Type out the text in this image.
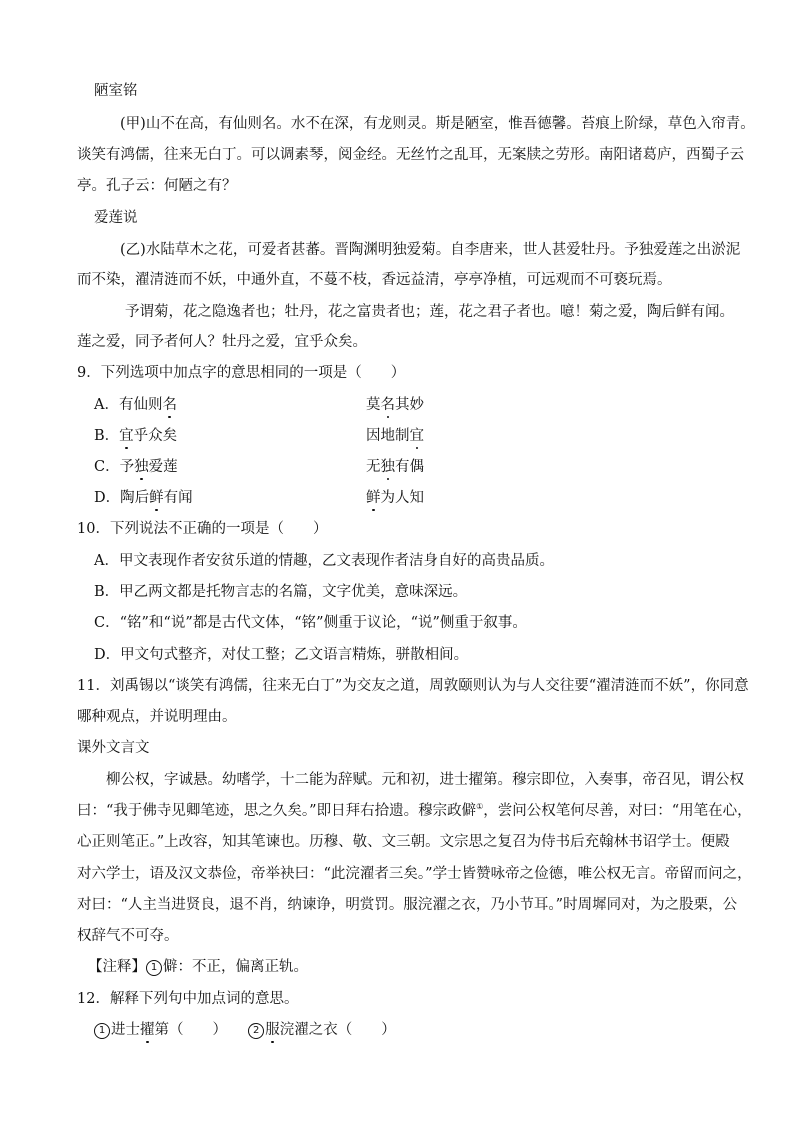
陋室铭
(甲)山不在高，有仙则名。水不在深，有龙则灵。斯是陋室，惟吾德馨。苔痕上阶绿，草色入帘青。
谈笑有鸿儒，往来无白丁。可以调素琴，阅金经。无丝竹之乱耳，无案牍之劳形。南阳诸葛庐，西蜀子云
亭。孔子云：何陋之有？
爱莲说
(乙)水陆草木之花，可爱者甚蕃。晋陶渊明独爱菊。自李唐来，世人甚爱牡丹。予独爱莲之出淤泥
而不染，濯清涟而不妖，中通外直，不蔓不枝，香远益清，亭亭净植，可远观而不可亵玩焉。
予谓菊，花之隐逸者也；牡丹，花之富贵者也；莲，花之君子者也。噫！菊之爱，陶后鲜有闻。
莲之爱，同予者何人？牡丹之爱，宜乎众矣。
9．下列选项中加点字的意思相同的一项是（　　）
A．有仙则名	莫名其妙
B．宜乎众矣	因地制宜
C．予独爱莲	无独有偶
D．陶后鲜有闻	鲜为人知
10．下列说法不正确的一项是（　　）
A．甲文表现作者安贫乐道的情趣，乙文表现作者洁身自好的高贵品质。
B．甲乙两文都是托物言志的名篇，文字优美，意味深远。
C．“铭”和“说”都是古代文体，“铭”侧重于议论，“说”侧重于叙事。
D．甲文句式整齐，对仗工整；乙文语言精炼，骈散相间。
11．刘禹锡以“谈笑有鸿儒，往来无白丁”为交友之道，周敦颐则认为与人交往要“濯清涟而不妖”，你同意
哪种观点，并说明理由。
课外文言文
柳公权，字诚悬。幼嗜学，十二能为辞赋。元和初，进士擢第。穆宗即位，入奏事，帝召见，谓公权
曰：“我于佛寺见卿笔迹，思之久矣。”即日拜右拾遗。穆宗政僻①，尝问公权笔何尽善，对曰：“用笔在心，
心正则笔正。”上改容，知其笔谏也。历穆、敬、文三朝。文宗思之复召为侍书后充翰林书诏学士。便殿
对六学士，语及汉文恭俭，帝举袂曰：“此浣濯者三矣。”学士皆赞咏帝之俭德，唯公权无言。帝留而问之，
对曰：“人主当进贤良，退不肖，纳谏诤，明赏罚。服浣濯之衣，乃小节耳。”时周墀同对，为之股栗，公
权辞气不可夺。
【注释】 1 僻：不正，偏离正轨。
12．解释下列句中加点词的意思。
1 进士擢第（　　）	2 服浣濯之衣（　　）
